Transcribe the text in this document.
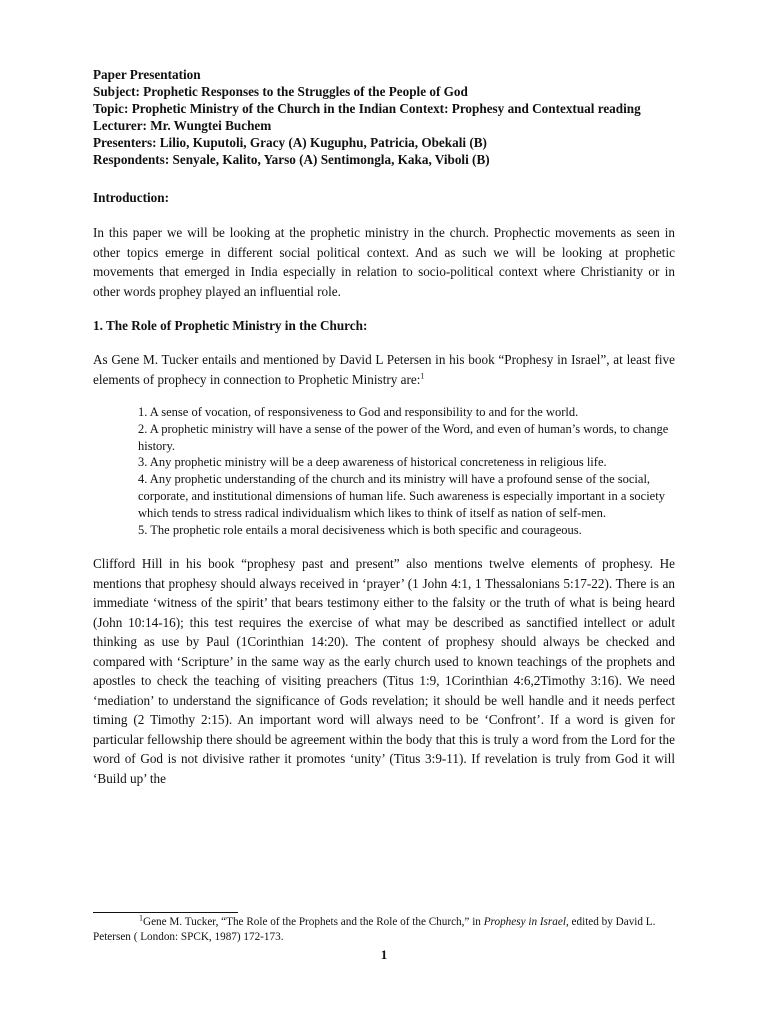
Paper Presentation
Subject: Prophetic Responses to the Struggles of the People of God
Topic: Prophetic Ministry of the Church in the Indian Context: Prophesy and Contextual reading
Lecturer: Mr. Wungtei Buchem
Presenters: Lilio, Kuputoli, Gracy (A) Kuguphu, Patricia, Obekali (B)
Respondents: Senyale, Kalito, Yarso (A) Sentimongla, Kaka, Viboli (B)
Introduction:

In this paper we will be looking at the prophetic ministry in the church. Prophectic movements as seen in other topics emerge in different social political context. And as such we will be looking at prophetic movements that emerged in India especially in relation to socio-political context where Christianity or in other words prophey played an influential role.

1. The Role of Prophetic Ministry in the Church:

As Gene M. Tucker entails and mentioned by David L Petersen in his book “Prophesy in Israel”, at least five elements of prophecy in connection to Prophetic Ministry are:$^1$

1. A sense of vocation, of responsiveness to God and responsibility to and for the world.
2. A prophetic ministry will have a sense of the power of the Word, and even of human’s words, to change history.
3. Any prophetic ministry will be a deep awareness of historical concreteness in religious life.
4. Any prophetic understanding of the church and its ministry will have a profound sense of the social, corporate, and institutional dimensions of human life. Such awareness is especially important in a society which tends to stress radical individualism which likes to think of itself as nation of self-men.
5. The prophetic role entails a moral decisiveness which is both specific and courageous.

Clifford Hill in his book “prophesy past and present” also mentions twelve elements of prophesy. He mentions that prophesy should always received in ‘prayer’ (1 John 4:1, 1 Thessalonians 5:17-22). There is an immediate ‘witness of the spirit’ that bears testimony either to the falsity or the truth of what is being heard (John 10:14-16); this test requires the exercise of what may be described as sanctified intellect or adult thinking as use by Paul (1Corinthian 14:20). The content of prophesy should always be checked and compared with ‘Scripture’ in the same way as the early church used to known teachings of the prophets and apostles to check the teaching of visiting preachers (Titus 1:9, 1Corinthian 4:6,2Timothy 3:16). We need ‘mediation’ to understand the significance of Gods revelation; it should be well handle and it needs perfect timing (2 Timothy 2:15). An important word will always need to be ‘Confront’. If a word is given for particular fellowship there should be agreement within the body that this is truly a word from the Lord for the word of God is not divisive rather it promotes ‘unity’ (Titus 3:9-11). If revelation is truly from God it will ‘Build up’ the

$^1$Gene M. Tucker, “The Role of the Prophets and the Role of the Church,” in Prophesy in Israel, edited by David L. Petersen ( London: SPCK, 1987) 172-173.
1
